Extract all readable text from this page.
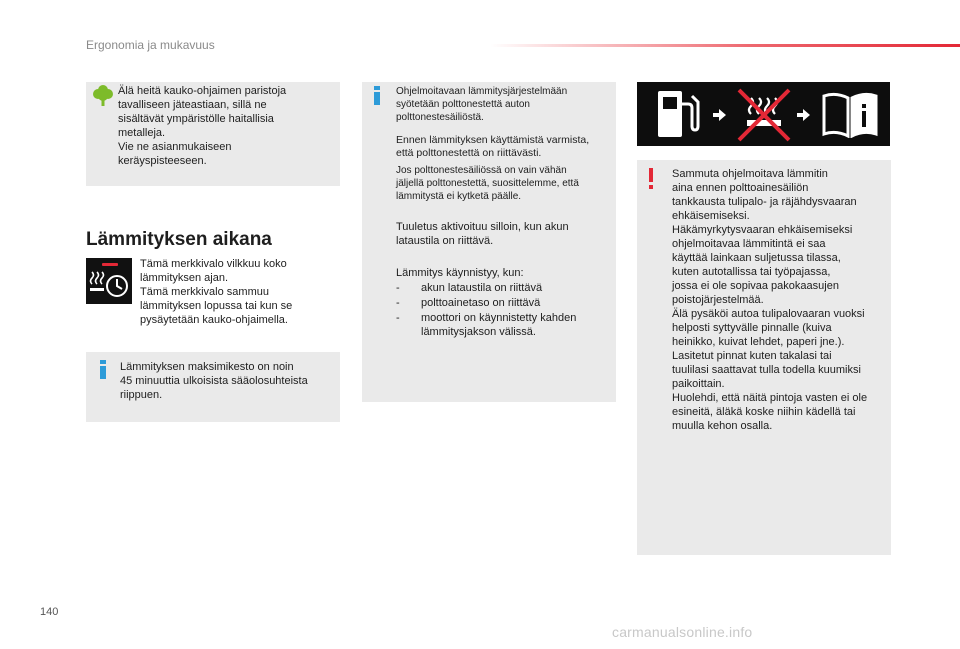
Ergonomia ja mukavuus
Älä heitä kauko-ohjaimen paristoja
tavalliseen jäteastiaan, sillä ne
sisältävät ympäristölle haitallisia
metalleja.
Vie ne asianmukaiseen
keräyspisteeseen.
Lämmityksen aikana
Tämä merkkivalo vilkkuu koko
lämmityksen ajan.
Tämä merkkivalo sammuu
lämmityksen lopussa tai kun se
pysäytetään kauko-ohjaimella.
Lämmityksen maksimikesto on noin
45 minuuttia ulkoisista sääolosuhteista
riippuen.
Ohjelmoitavaan lämmitysjärjestelmään
syötetään polttonestettä auton
polttonestesäiliöstä.
Ennen lämmityksen käyttämistä varmista,
että polttonestettä on riittävästi.
Jos polttonestesäiliössä on vain vähän
jäljellä polttonestettä, suosittelemme, että
lämmitystä ei kytketä päälle.
Tuuletus aktivoituu silloin, kun akun
lataustila on riittävä.
Lämmitys käynnistyy, kun:
- akun lataustila on riittävä
- polttoainetaso on riittävä
- moottori on käynnistetty kahden
lämmitysjakson välissä.
Sammuta ohjelmoitava lämmitin
aina ennen polttoainesäiliön
tankkausta tulipalo- ja räjähdysvaaran
ehkäisemiseksi.
Häkämyrkytysvaaran ehkäisemiseksi
ohjelmoitavaa lämmitintä ei saa
käyttää lainkaan suljetussa tilassa,
kuten autotallissa tai työpajassa,
jossa ei ole sopivaa pakokaasujen
poistojärjestelmää.
Älä pysäköi autoa tulipalovaaran vuoksi
helposti syttyvälle pinnalle (kuiva
heinikko, kuivat lehdet, paperi jne.).
Lasitetut pinnat kuten takalasi tai
tuulilasi saattavat tulla todella kuumiksi
paikoittain.
Huolehdi, että näitä pintoja vasten ei ole
esineitä, äläkä koske niihin kädellä tai
muulla kehon osalla.
140
carmanualsonline.info
